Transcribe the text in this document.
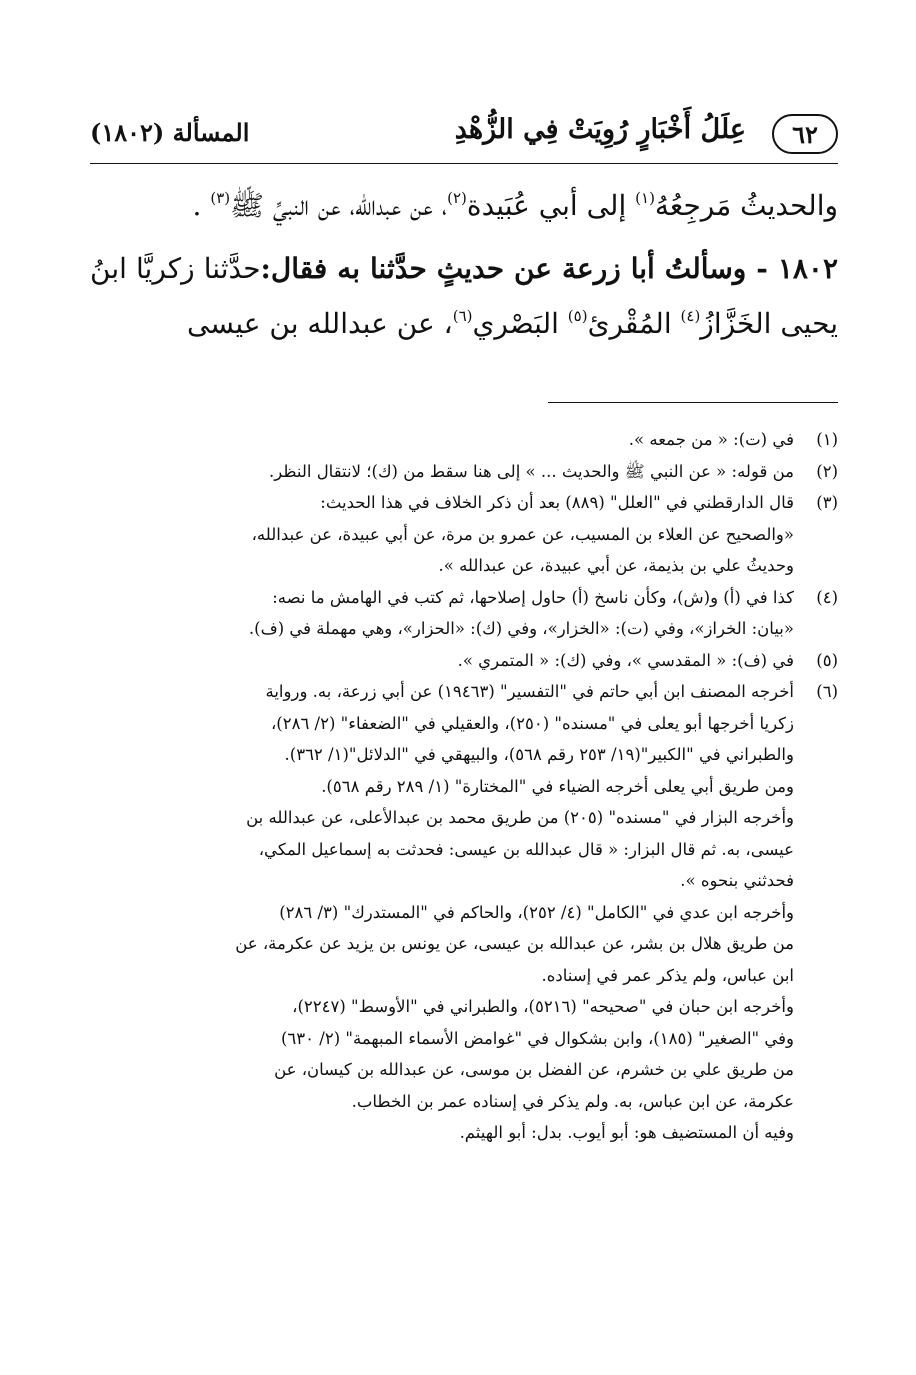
٦٢
عِلَلُ أَخْبَارٍ رُوِيَتْ فِي الزُّهْدِ
المسألة (١٨٠٢)

والحديثُ مَرجِعُهُ$^{(١)}$ إلى أبي عُبَيدة$^{(٢)}$، عن عبدالله، عن النبيِّ ﷺ$^{(٣)}$ .

١٨٠٢ - وسألتُ أبا زرعة عن حديثٍ حدَّثنا به فقال:حدَّثنا زكريَّا ابنُ يحيى الخَزَّازُ$^{(٤)}$ المُقْرئ$^{(٥)}$ البَصْري$^{(٦)}$، عن عبدالله بن عيسى

(١)
في (ت): « من جمعه ».
(٢)
من قوله: « عن النبي ﷺ والحديث ... » إلى هنا سقط من (ك)؛ لانتقال النظر.
(٣)
قال الدارقطني في "العلل" (٨٨٩) بعد أن ذكر الخلاف في هذا الحديث:
«والصحيح عن العلاء بن المسيب، عن عمرو بن مرة، عن أبي عبيدة، عن عبدالله،
وحديثُ علي بن بذيمة، عن أبي عبيدة، عن عبدالله ».
(٤)
كذا في (أ) و(ش)، وكأن ناسخ (أ) حاول إصلاحها، ثم كتب في الهامش ما نصه:
«بيان: الخراز»، وفي (ت): «الخزار»، وفي (ك): «الحزار»، وهي مهملة في (ف).
(٥)
في (ف): « المقدسي »، وفي (ك): « المتمري ».
(٦)
أخرجه المصنف ابن أبي حاتم في "التفسير" (١٩٤٦٣) عن أبي زرعة، به. ورواية
زكريا أخرجها أبو يعلى في "مسنده" (٢٥٠)، والعقيلي في "الضعفاء" (٢/ ٢٨٦)،
والطبراني في "الكبير"(١٩/ ٢٥٣ رقم ٥٦٨)، والبيهقي في "الدلائل"(١/ ٣٦٢).
ومن طريق أبي يعلى أخرجه الضياء في "المختارة" (١/ ٢٨٩ رقم ٥٦٨).
وأخرجه البزار في "مسنده" (٢٠٥) من طريق محمد بن عبدالأعلى، عن عبدالله بن
عيسى، به. ثم قال البزار: « قال عبدالله بن عيسى: فحدثت به إسماعيل المكي،
فحدثني بنحوه ».
وأخرجه ابن عدي في "الكامل" (٤/ ٢٥٢)، والحاكم في "المستدرك" (٣/ ٢٨٦)
من طريق هلال بن بشر، عن عبدالله بن عيسى، عن يونس بن يزيد عن عكرمة، عن
ابن عباس، ولم يذكر عمر في إسناده.
وأخرجه ابن حبان في "صحيحه" (٥٢١٦)، والطبراني في "الأوسط" (٢٢٤٧)،
وفي "الصغير" (١٨٥)، وابن بشكوال في "غوامض الأسماء المبهمة" (٢/ ٦٣٠)
من طريق علي بن خشرم، عن الفضل بن موسى، عن عبدالله بن كيسان، عن
عكرمة، عن ابن عباس، به. ولم يذكر في إسناده عمر بن الخطاب.
وفيه أن المستضيف هو: أبو أيوب. بدل: أبو الهيثم.
